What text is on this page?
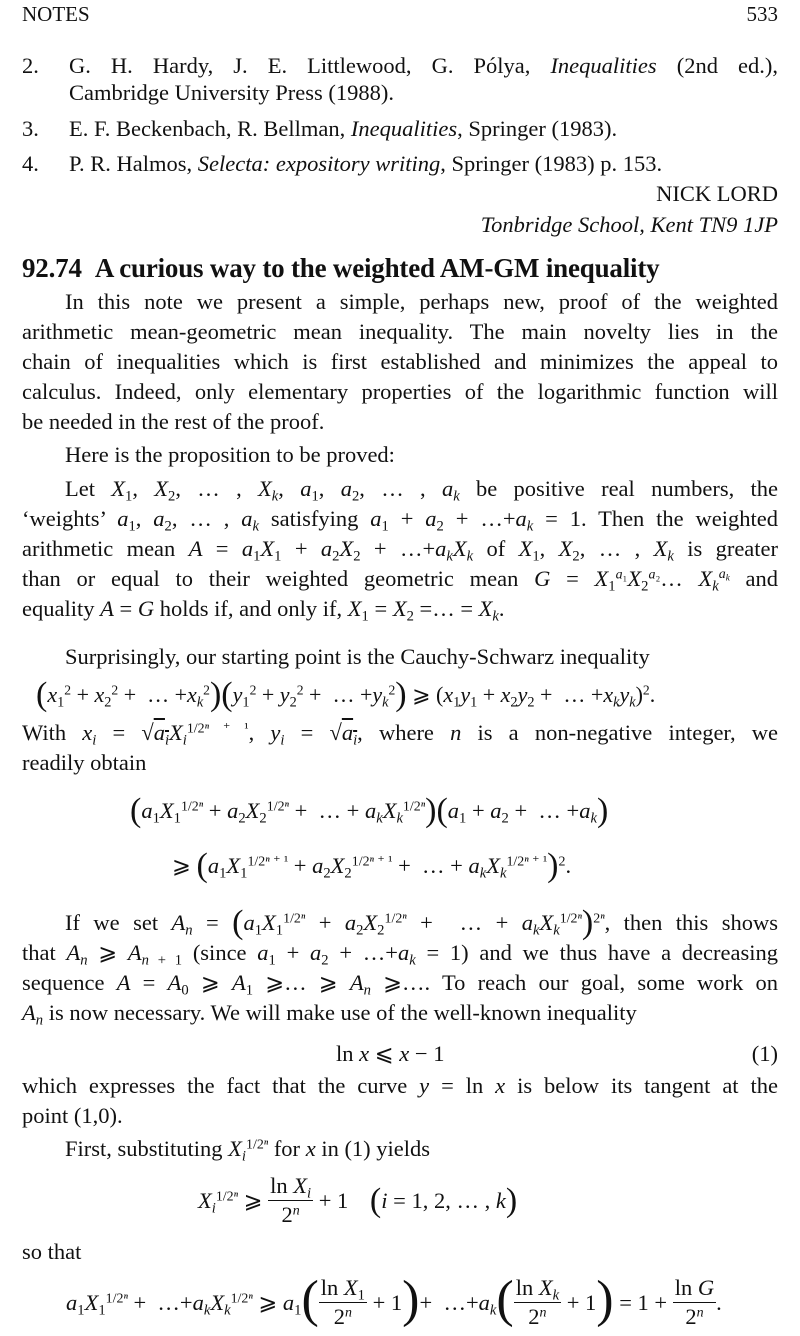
NOTES	533
2. G. H. Hardy, J. E. Littlewood, G. Pólya, Inequalities (2nd ed.),
Cambridge University Press (1988).
3. E. F. Beckenbach, R. Bellman, Inequalities, Springer (1983).
4. P. R. Halmos, Selecta: expository writing, Springer (1983) p. 153.
NICK LORD
Tonbridge School, Kent TN9 1JP
92.74 A curious way to the weighted AM-GM inequality
In this note we present a simple, perhaps new, proof of the weighted
arithmetic mean-geometric mean inequality. The main novelty lies in the
chain of inequalities which is first established and minimizes the appeal to
calculus. Indeed, only elementary properties of the logarithmic function will
be needed in the rest of the proof.
Here is the proposition to be proved:
Let $X_1$, $X_2$, … , $X_k$, $a_1$, $a_2$, … , $a_k$ be positive real numbers, the
‘weights’ $a_1$, $a_2$, … , $a_k$ satisfying $a_1 + a_2$ + $\dots+a_k = 1$. Then the weighted
arithmetic mean $A = a_1X_1 + a_2X_2$ + $\dots+a_kX_k$ of $X_1$, $X_2$, … , $X_k$ is greater
than or equal to their weighted geometric mean $G = X_1^{a_1}X_2^{a_2}\dots$ $X_k^{a_k}$ and
equality A = G holds if, and only if, $X_1 = X_2$ =… = $X_k$.
Surprisingly, our starting point is the Cauchy-Schwarz inequality
($x_1^2 + x_2^2$ +  … $+x_k^2)(y_1^2 + y_2^2$ +  … $+y_k^2$) ⩾ ($x_1y_1 + x_2y_2$ +  … $+x_ky_k)^2$.
With $x_i = √a_iX_i^{1/2^n ^+ ^1}$, $y_i = √a_i$, where n is a non-negative integer, we
readily obtain
($a_1X_1^{1/2^n} + a_2X_2^{1/2^n}$ +  … + $a_kX_k^{1/2^n})(a_1 + a_2$ +  … $+a_k$)
⩾ ($a_1X_1^{1/2^n ^+ ^1} + a_2X_2^{1/2^n ^+ ^1}$ +  … + $a_kX_k^{1/2^n ^+ ^1})^2$.
If we set $A_n = (a_1X_1^{1/2^n} + a_2X_2^{1/2^n}$ +  … + $a_kX_k^{1/2^n})^{2^n}$, then this shows
that $A_n$ ⩾ $A_{n + 1}$ (since $a_1 + a_2$ + $\dots+a_k = 1$) and we thus have a decreasing
sequence $A = A_0$ ⩾ $A_1$ ⩾… ⩾ $A_n$ ⩾…. To reach our goal, some work on
$A_n$ is now necessary. We will make use of the well-known inequality
ln x ⩽ x − 1	(1)
which expresses the fact that the curve y = ln x is below its tangent at the
point (1,0).
First, substituting $X_i^{1/2^n}$ for x in (1) yields
$X_i^{1/2^n}$ ⩾ $\frac{\ln X_i}{2^n} + 1$ (i = 1, 2, … , k)
so that
$a_1X_1^{1/2^n}$ +  $\dots+a_kX_k^{1/2^n}$ ⩾ $a_1( \frac{\ln X_1}{2^n} + 1)+$  $\dots+a_k( \frac{\ln X_k}{2^n} + 1) = 1 + \frac{\text{ln G}}{2^n}$ .
